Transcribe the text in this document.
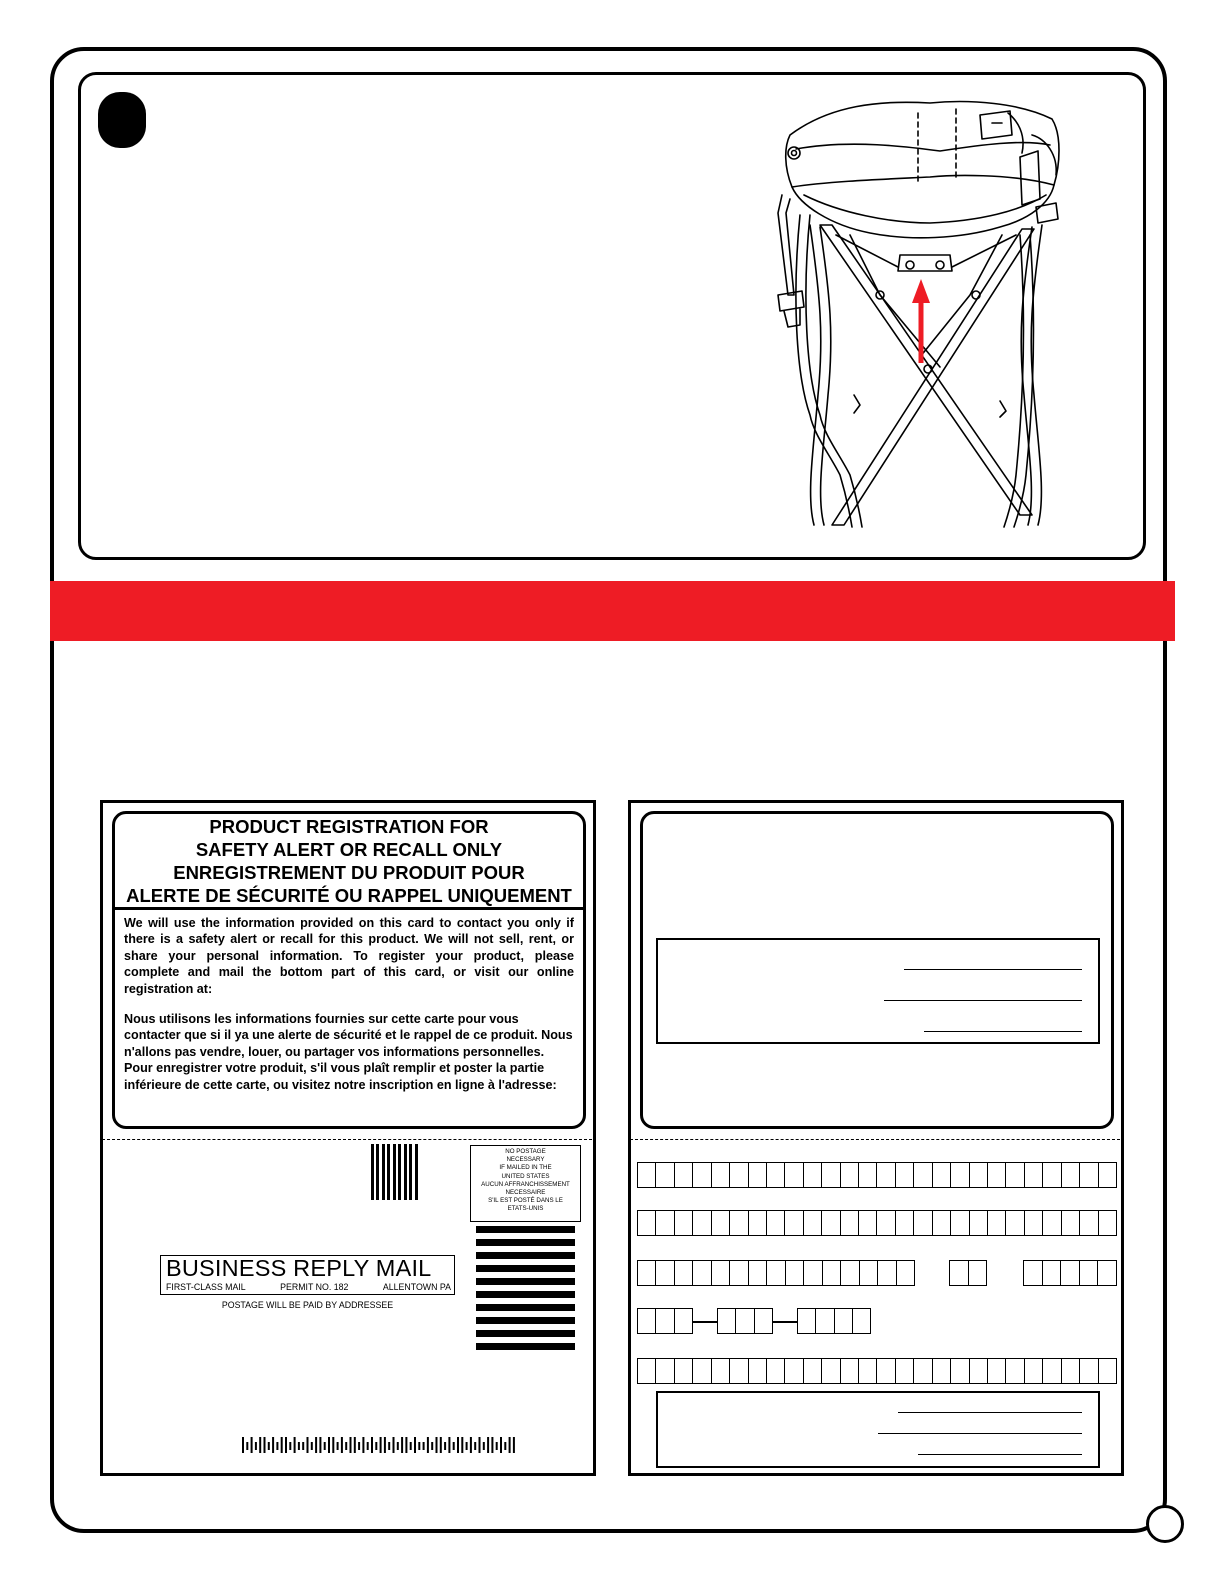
PRODUCT REGISTRATION FOR
SAFETY ALERT OR RECALL ONLY
ENREGISTREMENT DU PRODUIT POUR
ALERTE DE SÉCURITÉ OU RAPPEL UNIQUEMENT
We will use the information provided on this card to contact you only if there is a safety alert or recall for this product. We will not sell, rent, or share your personal information. To register your product, please complete and mail the bottom part of this card, or visit our online registration at:
Nous utilisons les informations fournies sur cette carte pour vous contacter que si il ya une alerte de sécurité et le rappel de ce produit. Nous n'allons pas vendre, louer, ou partager vos informations personnelles. Pour enregistrer votre produit, s'il vous plaît remplir et poster la partie inférieure de cette carte, ou visitez notre inscription en ligne à l'adresse:
NO POSTAGE
NECESSARY
IF MAILED IN THE
UNITED STATES
AUCUN AFFRANCHISSEMENT
NECESSAIRE
S'IL EST POSTÉ DANS LE
ETATS-UNIS
BUSINESS REPLY MAIL
FIRST-CLASS MAIL	PERMIT NO. 182	ALLENTOWN PA
POSTAGE WILL BE PAID BY ADDRESSEE
